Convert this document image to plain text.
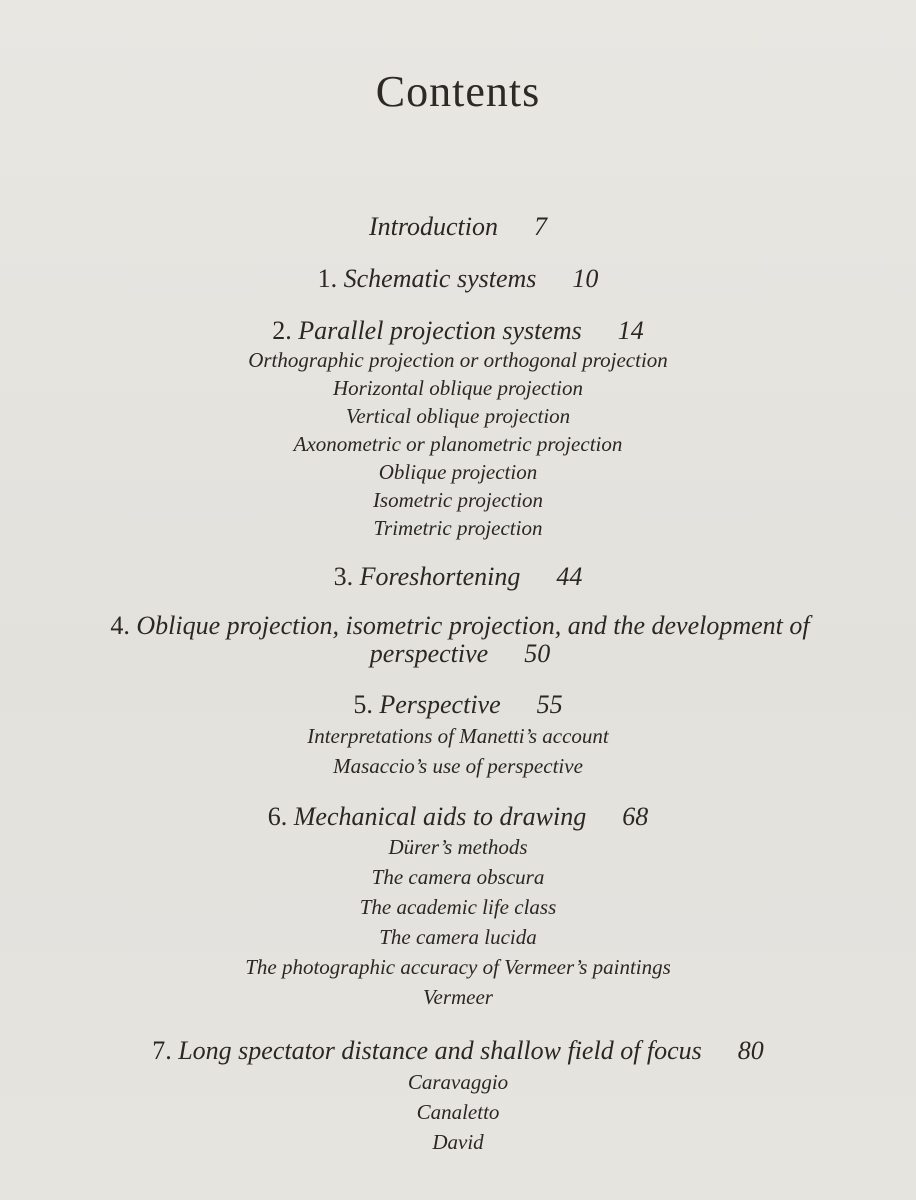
Contents
Introduction 7
1. Schematic systems 10
2. Parallel projection systems 14
Orthographic projection or orthogonal projection
Horizontal oblique projection
Vertical oblique projection
Axonometric or planometric projection
Oblique projection
Isometric projection
Trimetric projection
3. Foreshortening 44
4. Oblique projection, isometric projection, and the development of
perspective 50
5. Perspective 55
Interpretations of Manetti’s account
Masaccio’s use of perspective
6. Mechanical aids to drawing 68
Dürer’s methods
The camera obscura
The academic life class
The camera lucida
The photographic accuracy of Vermeer’s paintings
Vermeer
7. Long spectator distance and shallow field of focus 80
Caravaggio
Canaletto
David
